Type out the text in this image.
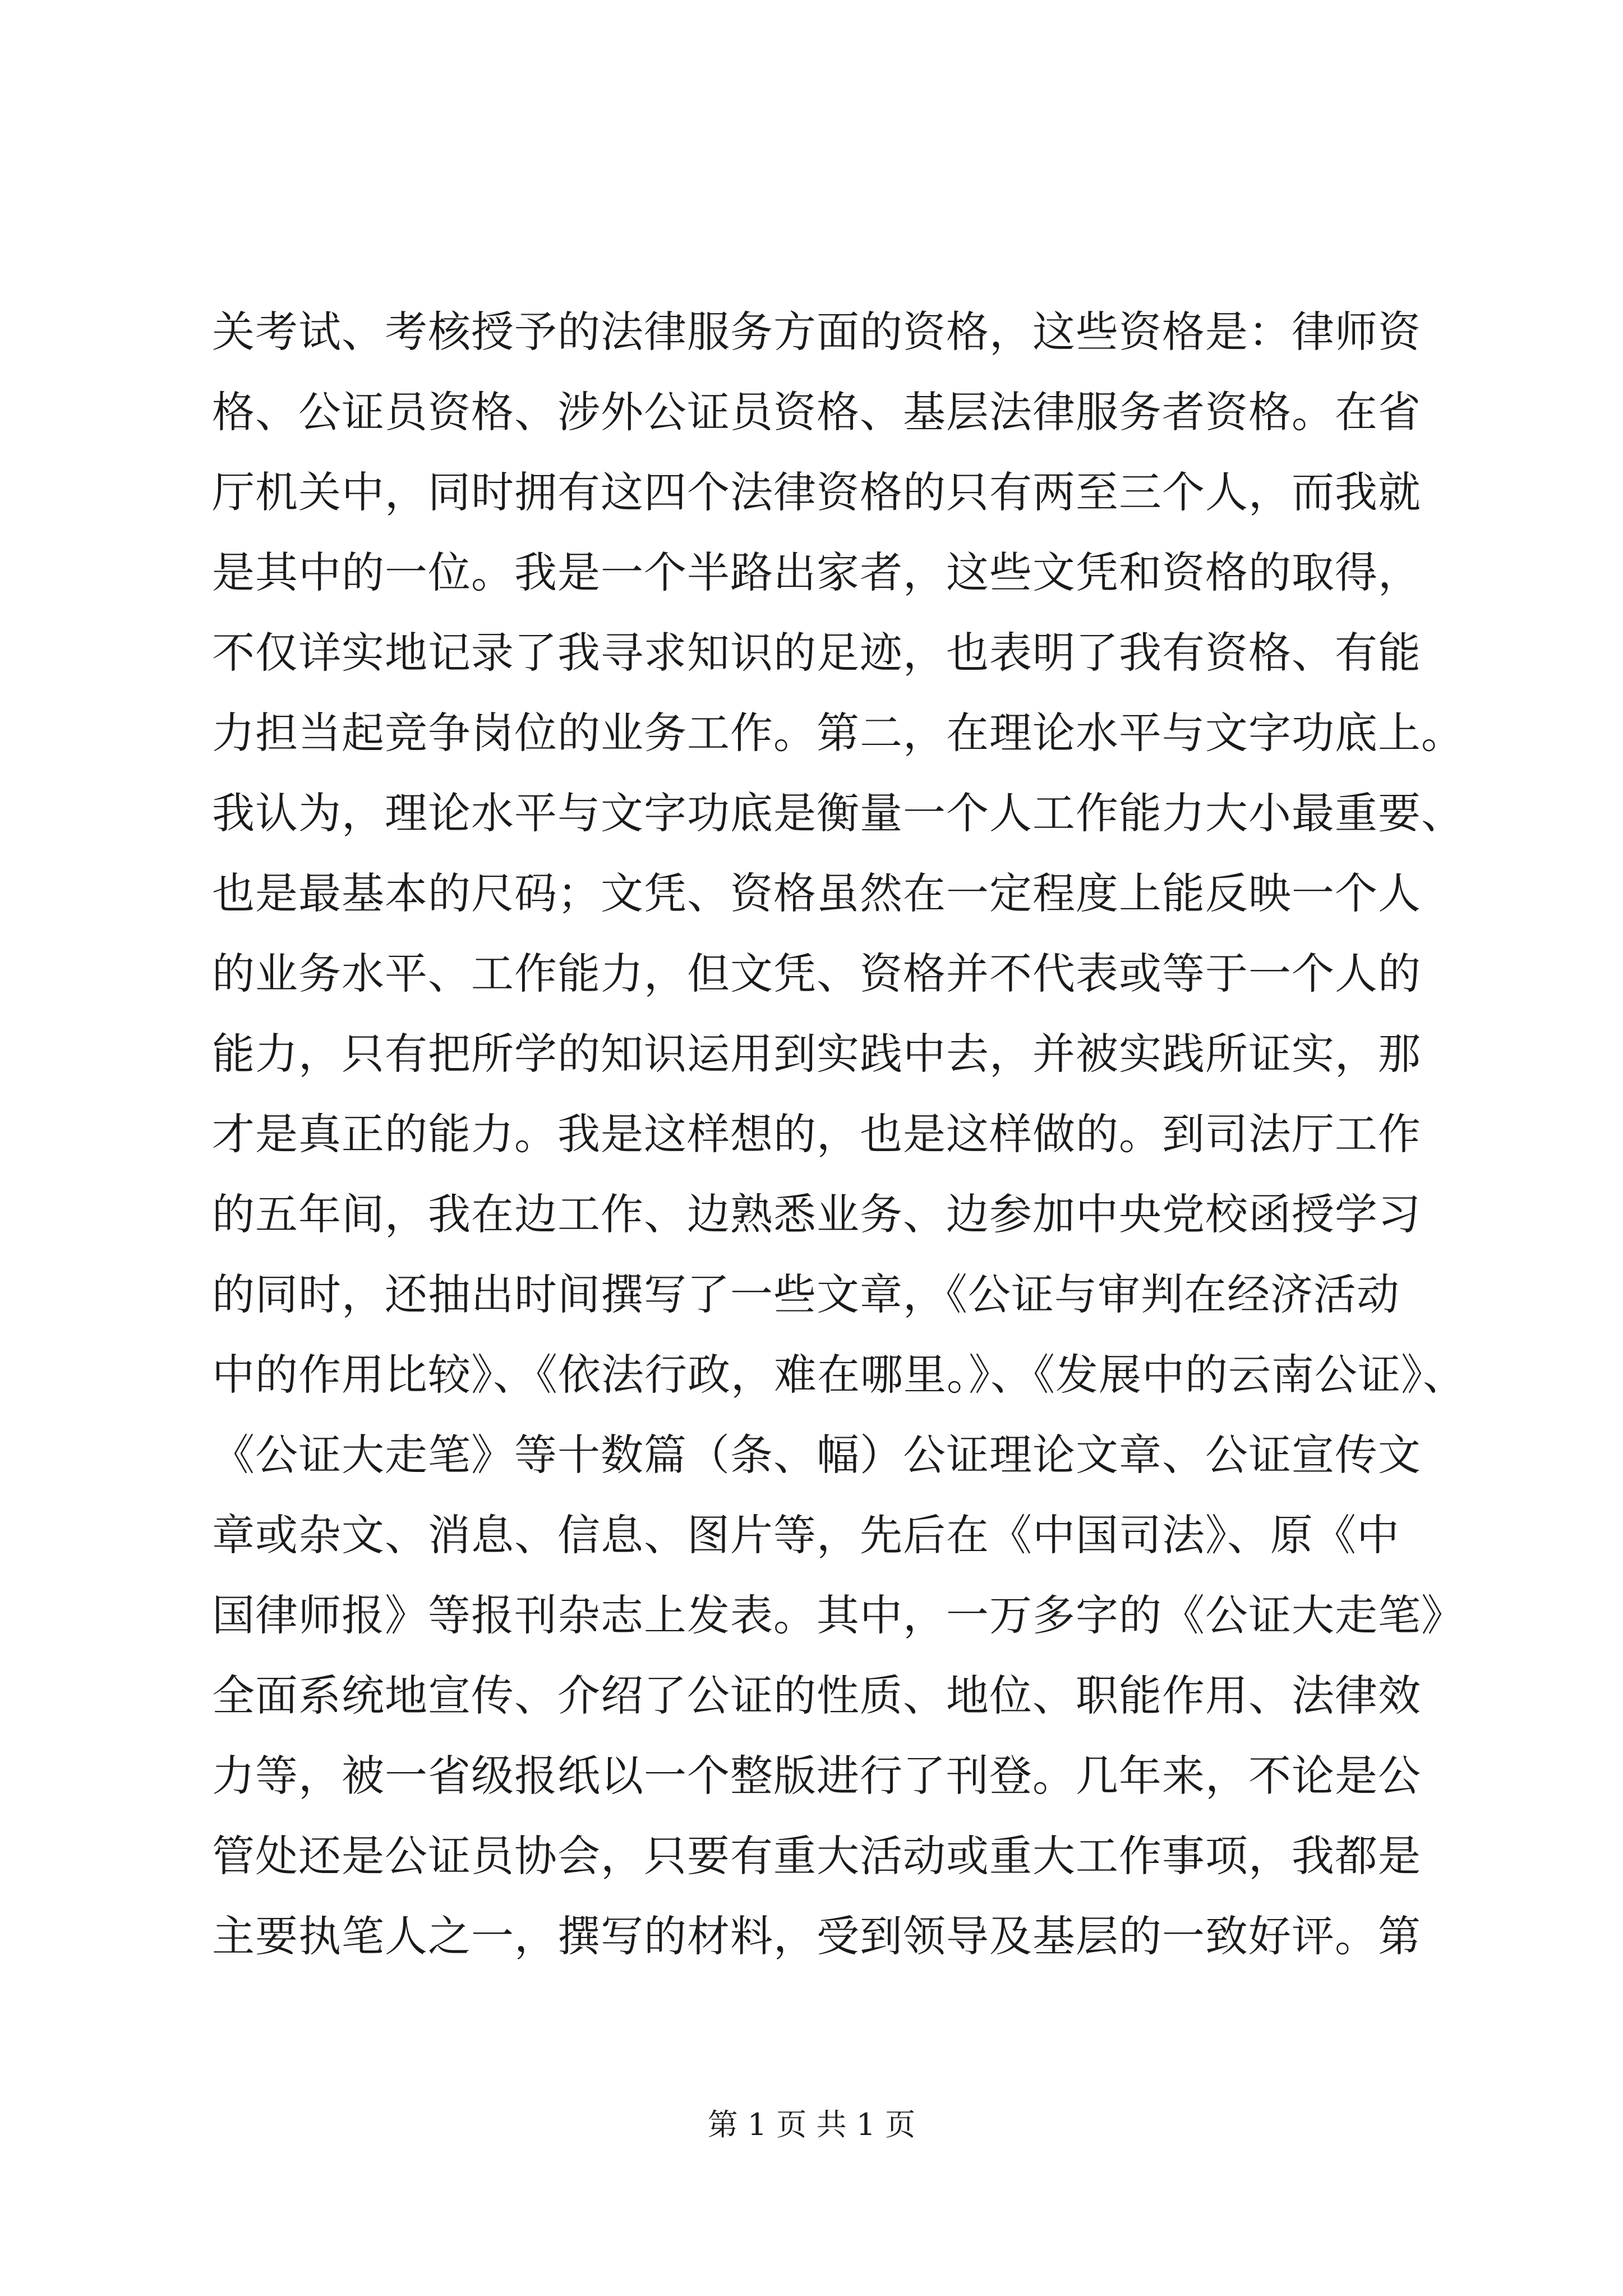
关考试、考核授予的法律服务方面的资格，这些资格是：律师资
格、公证员资格、涉外公证员资格、基层法律服务者资格。在省
厅机关中，同时拥有这四个法律资格的只有两至三个人，而我就
是其中的一位。我是一个半路出家者，这些文凭和资格的取得，
不仅详实地记录了我寻求知识的足迹，也表明了我有资格、有能
力担当起竞争岗位的业务工作。第二，在理论水平与文字功底上。
我认为，理论水平与文字功底是衡量一个人工作能力大小最重要、
也是最基本的尺码；文凭、资格虽然在一定程度上能反映一个人
的业务水平、工作能力，但文凭、资格并不代表或等于一个人的
能力，只有把所学的知识运用到实践中去，并被实践所证实，那
才是真正的能力。我是这样想的，也是这样做的。到司法厅工作
的五年间，我在边工作、边熟悉业务、边参加中央党校函授学习
的同时，还抽出时间撰写了一些文章，《公证与审判在经济活动
中的作用比较》、《依法行政，难在哪里。》、《发展中的云南公证》、
《公证大走笔》等十数篇（条、幅）公证理论文章、公证宣传文
章或杂文、消息、信息、图片等，先后在《中国司法》、原《中
国律师报》等报刊杂志上发表。其中，一万多字的《公证大走笔》
全面系统地宣传、介绍了公证的性质、地位、职能作用、法律效
力等，被一省级报纸以一个整版进行了刊登。几年来，不论是公
管处还是公证员协会，只要有重大活动或重大工作事项，我都是
主要执笔人之一，撰写的材料，受到领导及基层的一致好评。第
第 1 页 共 1 页
